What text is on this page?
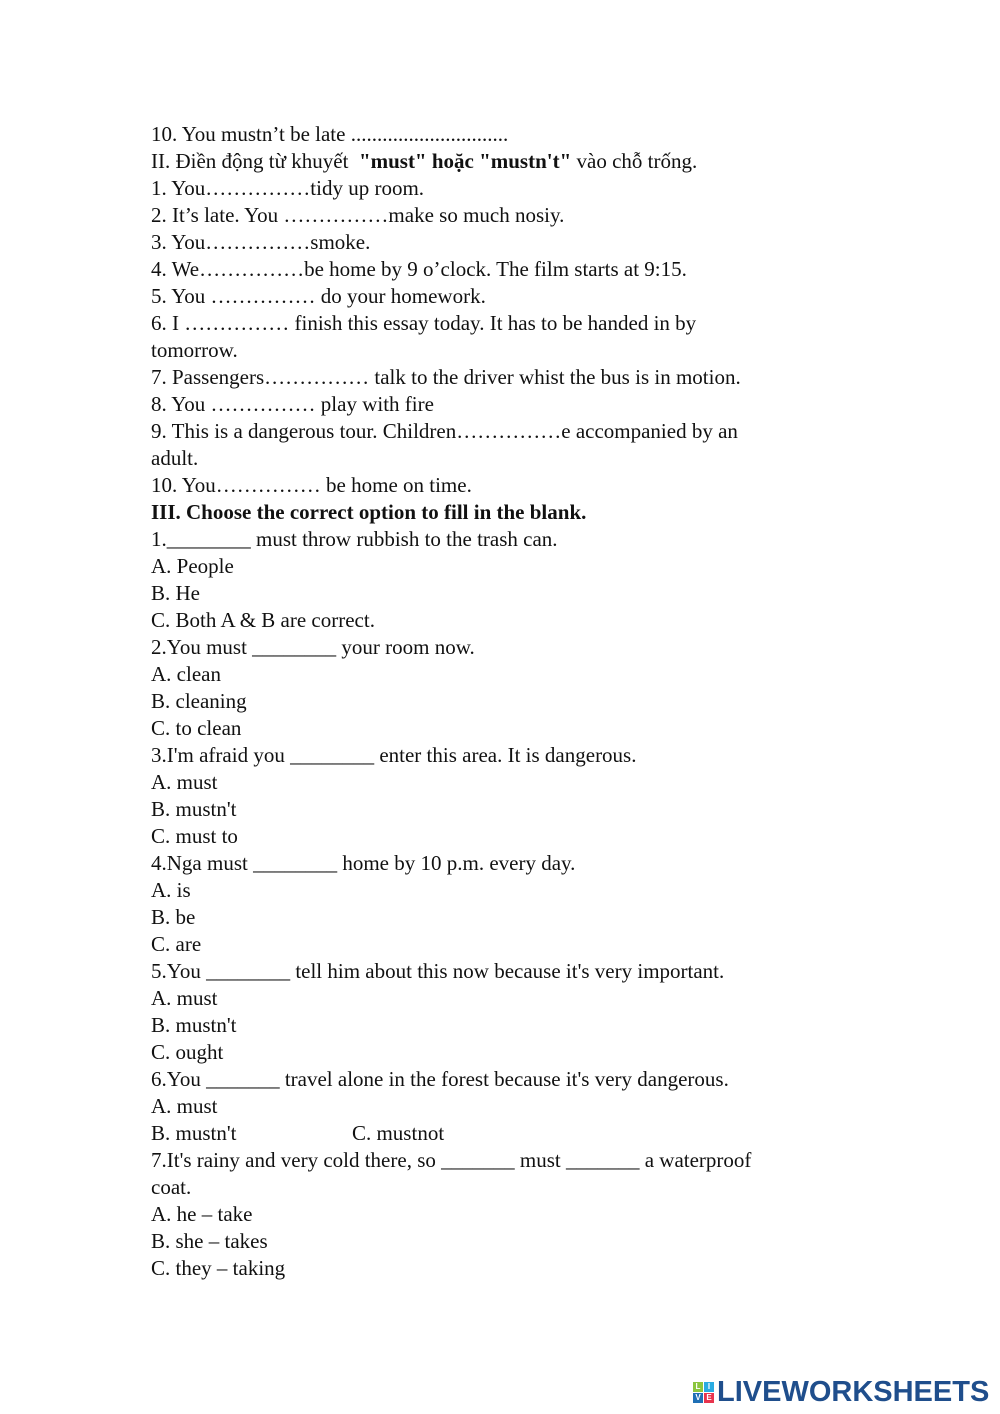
10. You mustn’t be late ..............................
II. Điền động từ khuyết  "must" hoặc "mustn't" vào chỗ trống.
1. You……………tidy up room.
2. It’s late. You ……………make so much nosiy.
3. You……………smoke.
4. We……………be home by 9 o’clock. The film starts at 9:15.
5. You …………… do your homework.
6. I …………… finish this essay today. It has to be handed in by
tomorrow.
7. Passengers…………… talk to the driver whist the bus is in motion.
8. You …………… play with fire
9. This is a dangerous tour. Children……………e accompanied by an
adult.
10. You…………… be home on time.
III. Choose the correct option to fill in the blank.
1.________ must throw rubbish to the trash can.
A. People
B. He
C. Both A & B are correct.
2.You must ________ your room now.
A. clean
B. cleaning
C. to clean
3.I'm afraid you ________ enter this area. It is dangerous.
A. must
B. mustn't
C. must to
4.Nga must ________ home by 10 p.m. every day.
A. is
B. be
C. are
5.You ________ tell him about this now because it's very important.
A. must
B. mustn't
C. ought
6.You _______ travel alone in the forest because it's very dangerous.
A. must
B. mustn't                      C. mustnot
7.It's rainy and very cold there, so _______ must _______ a waterproof
coat.
A. he – take
B. she – takes
C. they – taking
L I
V E LIVEWORKSHEETS
